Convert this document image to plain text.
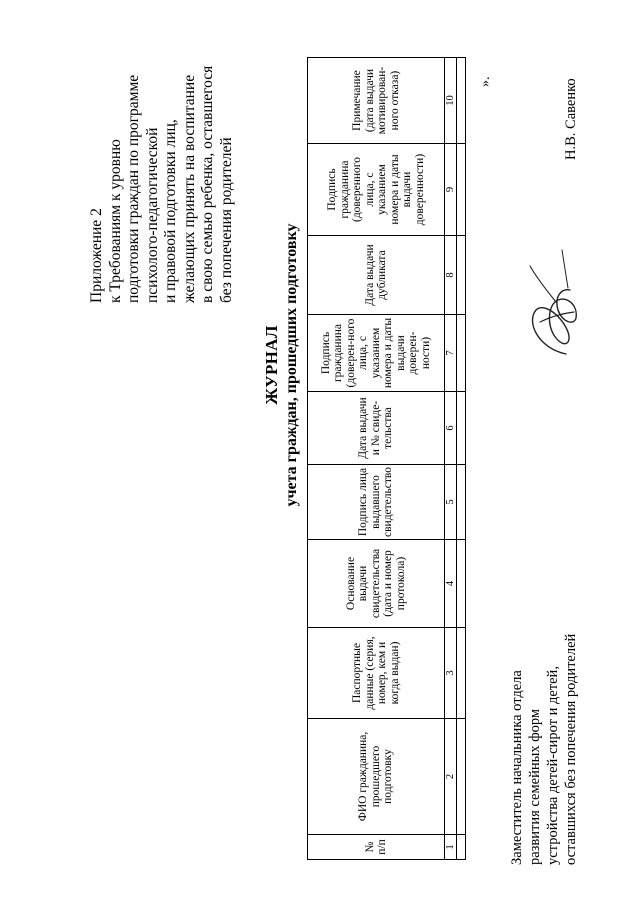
Приложение 2 к Требованиям к уровню подготовки граждан по программе психолого-педагогической и правовой подготовки лиц, желающих принять на воспитание в свою семью ребенка, оставшегося без попечения родителей
ЖУРНАЛ учета граждан, прошедших подготовку
№ п/п	ФИО гражданина, прошедшего подготовку	Паспортные данные (серия, номер, кем и когда выдан)	Основание выдачи свидетельства (дата и номер протокола)	Подпись лица выдавшего свидетельство	Дата выдачи и № свиде-тельства	Подпись гражданина (доверен-ного лица, с указанием номера и даты выдачи доверен-ности)	Дата выдачи дубликата	Подпись гражданина (доверенного лица, с указанием номера и даты выдачи доверенности)	Примечание (дата выдачи мотивирован-ного отказа)
1	2	3	4	5	6	7	8	9	10

».
Заместитель начальника отдела развития семейных форм устройства детей-сирот и детей, оставшихся без попечения родителей
Н.В. Савенко
